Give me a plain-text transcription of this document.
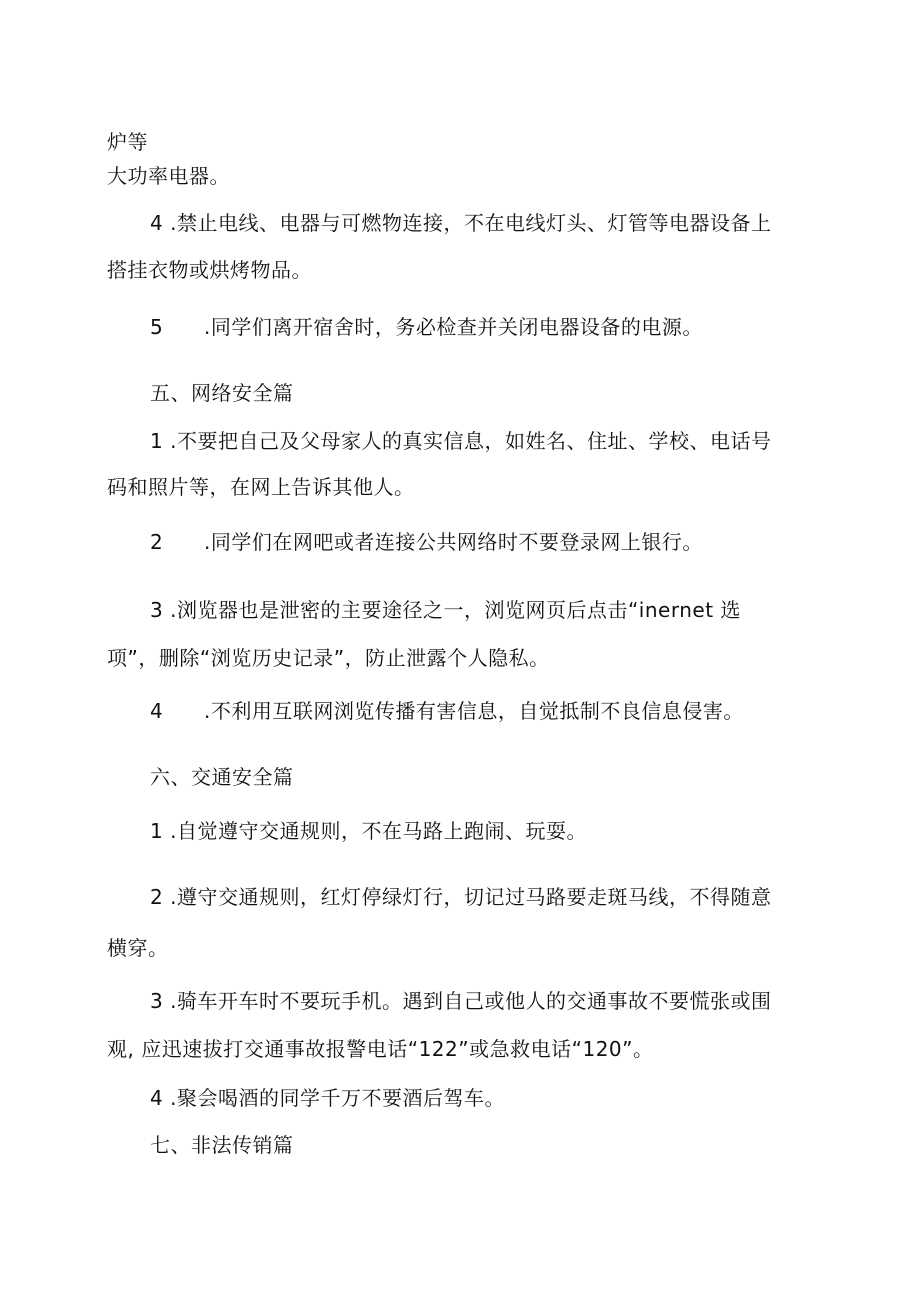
炉等
大功率电器。
4 .禁止电线、电器与可燃物连接，不在电线灯头、灯管等电器设备上
搭挂衣物或烘烤物品。
5 .同学们离开宿舍时，务必检查并关闭电器设备的电源。
五、网络安全篇
1 .不要把自己及父母家人的真实信息，如姓名、住址、学校、电话号
码和照片等，在网上告诉其他人。
2 .同学们在网吧或者连接公共网络时不要登录网上银行。
3 .浏览器也是泄密的主要途径之一，浏览网页后点击“inernet 选
项”，删除“浏览历史记录”，防止泄露个人隐私。
4 .不利用互联网浏览传播有害信息，自觉抵制不良信息侵害。
六、交通安全篇
1 .自觉遵守交通规则，不在马路上跑闹、玩耍。
2 .遵守交通规则，红灯停绿灯行，切记过马路要走斑马线，不得随意
横穿。
3 .骑车开车时不要玩手机。遇到自己或他人的交通事故不要慌张或围
观, 应迅速拔打交通事故报警电话“122”或急救电话“120”。
4 .聚会喝酒的同学千万不要酒后驾车。
七、非法传销篇
